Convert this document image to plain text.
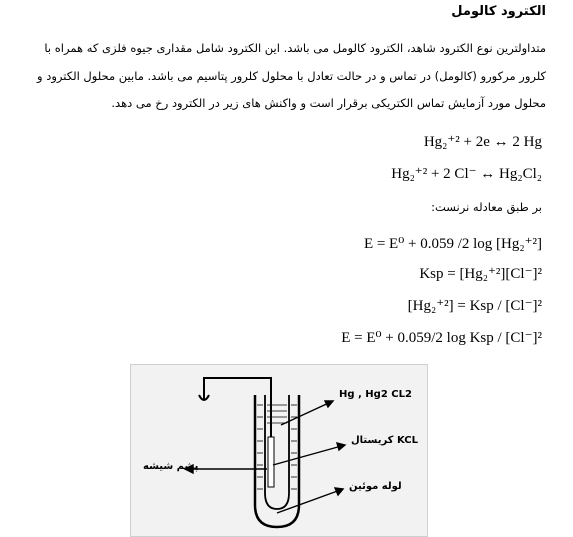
الکترود کالومل
متداولترین نوع الکترود شاهد، الکترود کالومل می باشد. این الکترود شامل مقداری جیوه فلزی که همراه با
کلرور مرکورو (کالومل) در تماس و در حالت تعادل با محلول کلرور پتاسیم می باشد. مابین محلول الکترود و
محلول مورد آزمایش تماس الکتریکی برقرار است و واکنش های زیر در الکترود رخ می دهد.
Hg₂⁺² + 2e ↔ 2 Hg
Hg₂⁺² + 2 Cl⁻ ↔ Hg₂Cl₂
بر طبق معادله نرنست:
E = E⁰ + 0.059 /2 log [Hg₂⁺²]
Ksp = [Hg₂⁺²][Cl⁻]²
[Hg₂⁺²] = Ksp / [Cl⁻]²
E = E⁰ + 0.059/2 log Ksp / [Cl⁻]²
Hg , Hg2 CL2
KCL کریستال
لوله موئین
پشم شیشه
